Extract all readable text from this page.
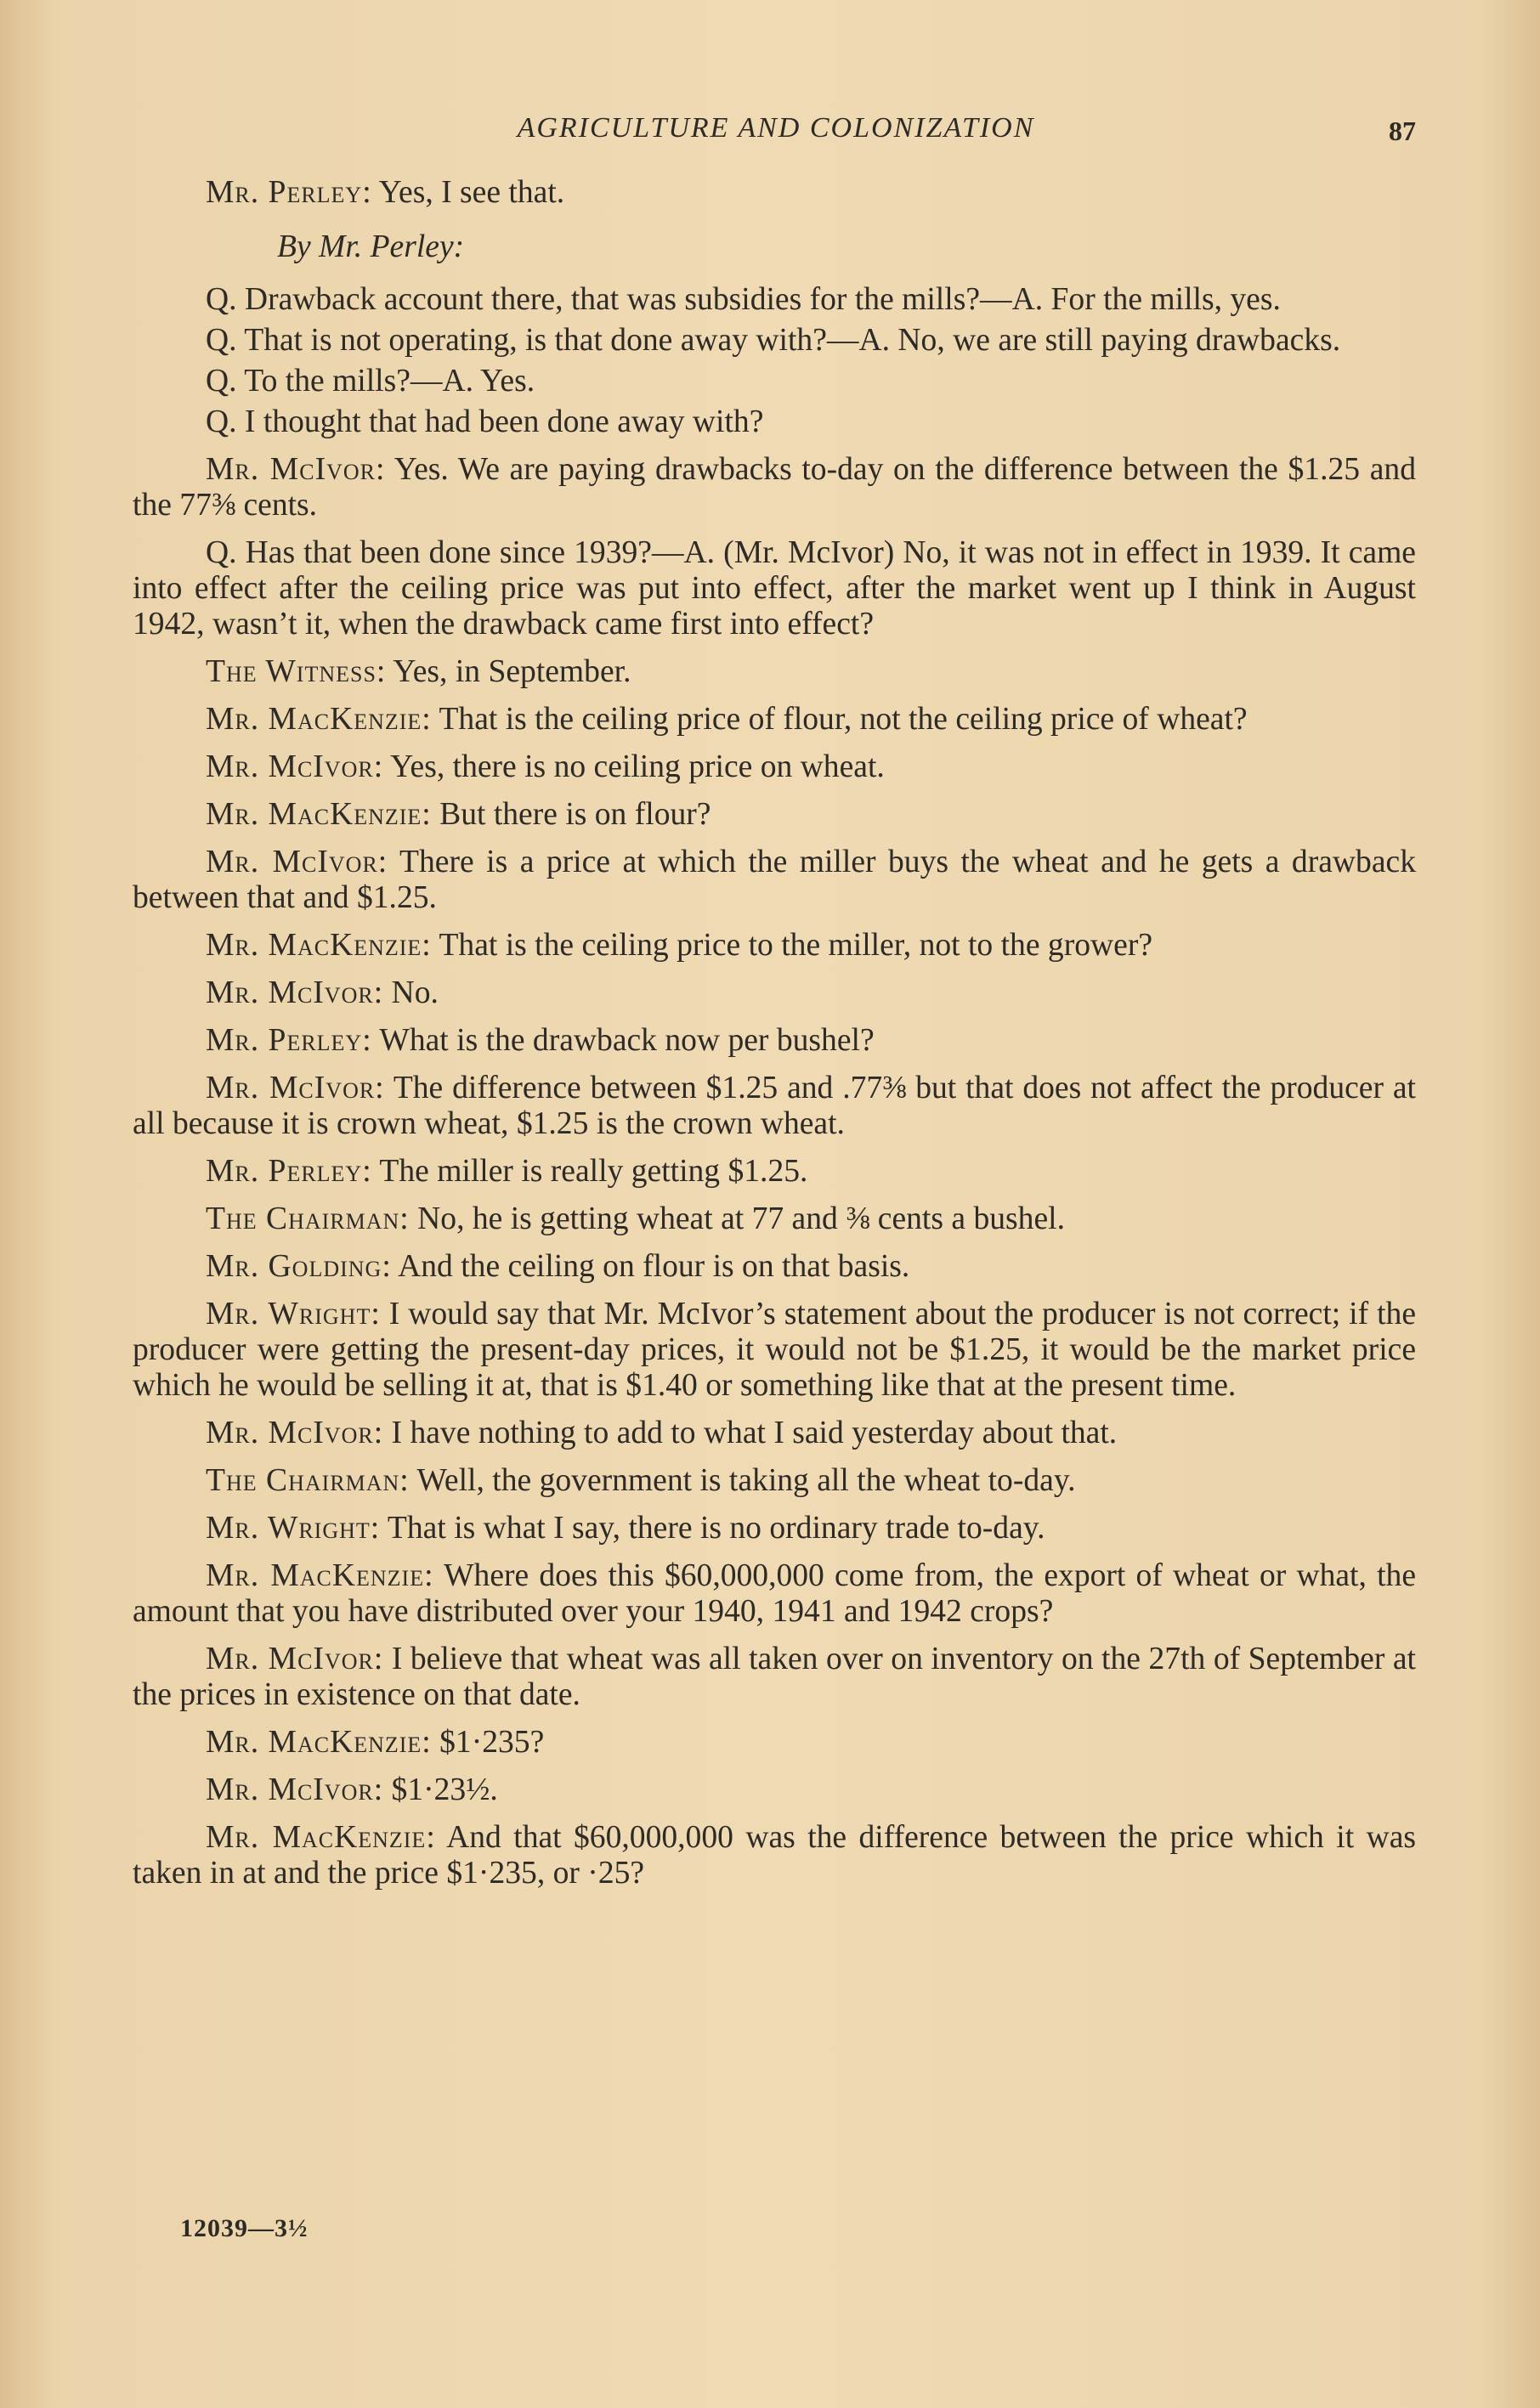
AGRICULTURE AND COLONIZATION	87

Mr. Perley: Yes, I see that.

By Mr. Perley:

Q. Drawback account there, that was subsidies for the mills?—A. For the mills, yes.

Q. That is not operating, is that done away with?—A. No, we are still paying drawbacks.

Q. To the mills?—A. Yes.

Q. I thought that had been done away with?

Mr. McIvor: Yes. We are paying drawbacks to-day on the difference between the $1.25 and the 77⅜ cents.

Q. Has that been done since 1939?—A. (Mr. McIvor) No, it was not in effect in 1939. It came into effect after the ceiling price was put into effect, after the market went up I think in August 1942, wasn’t it, when the drawback came first into effect?

The Witness: Yes, in September.

Mr. MacKenzie: That is the ceiling price of flour, not the ceiling price of wheat?

Mr. McIvor: Yes, there is no ceiling price on wheat.

Mr. MacKenzie: But there is on flour?

Mr. McIvor: There is a price at which the miller buys the wheat and he gets a drawback between that and $1.25.

Mr. MacKenzie: That is the ceiling price to the miller, not to the grower?

Mr. McIvor: No.

Mr. Perley: What is the drawback now per bushel?

Mr. McIvor: The difference between $1.25 and .77⅜ but that does not affect the producer at all because it is crown wheat, $1.25 is the crown wheat.

Mr. Perley: The miller is really getting $1.25.

The Chairman: No, he is getting wheat at 77 and ⅜ cents a bushel.

Mr. Golding: And the ceiling on flour is on that basis.

Mr. Wright: I would say that Mr. McIvor’s statement about the producer is not correct; if the producer were getting the present-day prices, it would not be $1.25, it would be the market price which he would be selling it at, that is $1.40 or something like that at the present time.

Mr. McIvor: I have nothing to add to what I said yesterday about that.

The Chairman: Well, the government is taking all the wheat to-day.

Mr. Wright: That is what I say, there is no ordinary trade to-day.

Mr. MacKenzie: Where does this $60,000,000 come from, the export of wheat or what, the amount that you have distributed over your 1940, 1941 and 1942 crops?

Mr. McIvor: I believe that wheat was all taken over on inventory on the 27th of September at the prices in existence on that date.

Mr. MacKenzie: $1·235?

Mr. McIvor: $1·23½.

Mr. MacKenzie: And that $60,000,000 was the difference between the price which it was taken in at and the price $1·235, or ·25?

12039—3½
